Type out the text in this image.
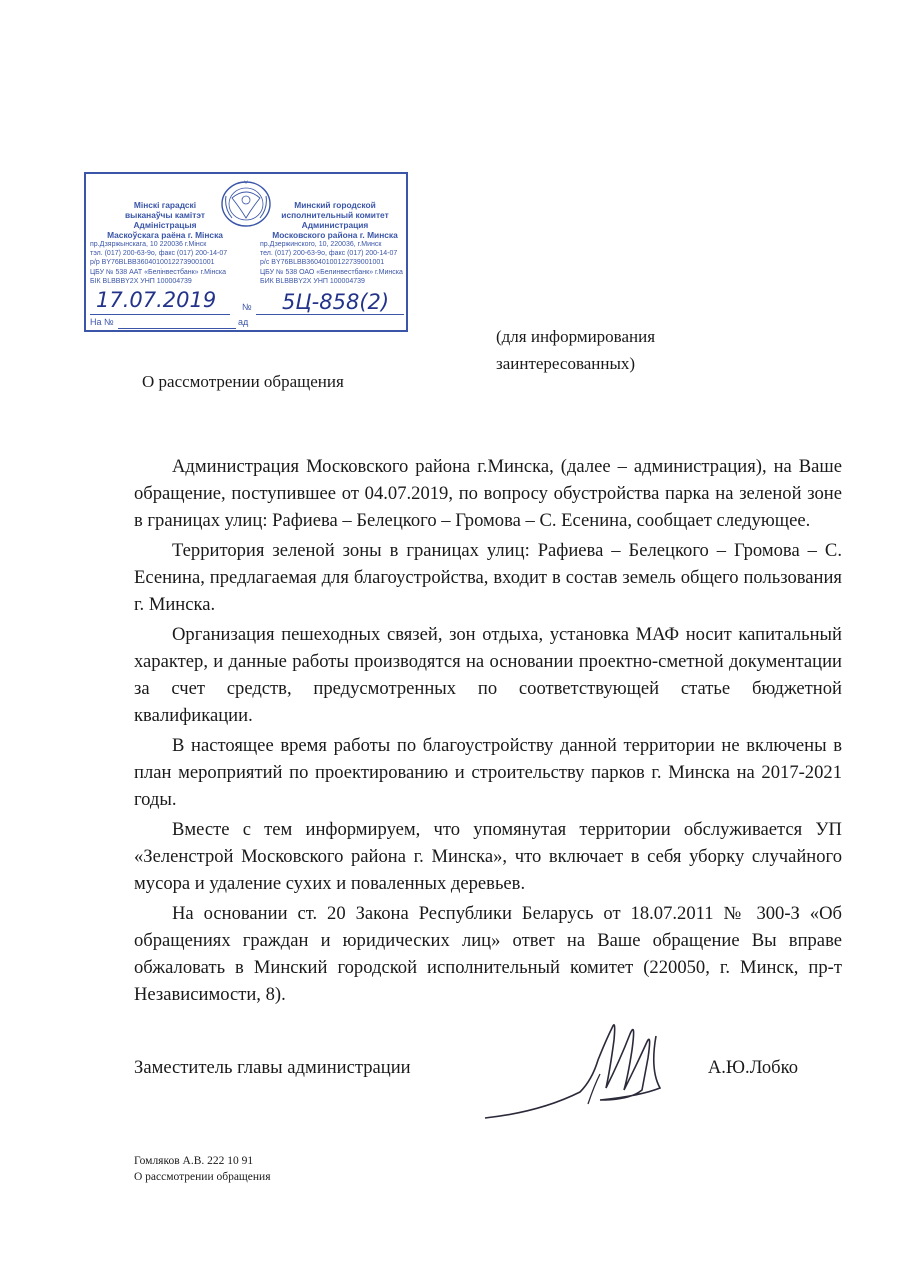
Мінскі гарадскі
выканаўчы камітэт
Адміністрацыя
Маскоўскага раёна г. Мінска
пр.Дзяржынскага, 10 220036 г.Мінск
тэл. (017) 200-63-9о, факс (017) 200-14-07
р/р BY76BLBB36040100122739001001
ЦБУ № 538 ААТ «Белінвестбанк» г.Мінска
БІК BLBBBY2X УНП 100004739
Минский городской
исполнительный комитет
Администрация
Московского района г. Минска
пр.Дзержинского, 10, 220036, г.Минск
тел. (017) 200-63-9о, факс (017) 200-14-07
р/с BY76BLBB36040100122739001001
ЦБУ № 538 ОАО «Белинвестбанк» г.Минска
БИК BLBBBY2X УНП 100004739
№
На №	ад
17.07.2019	5Ц-858(2)
(для информирования
заинтересованных)
О рассмотрении обращения

Администрация Московского района г.Минска, (далее – администрация), на Ваше обращение, поступившее от 04.07.2019, по вопросу обустройства парка на зеленой зоне в границах улиц: Рафиева – Белецкого – Громова – С. Есенина, сообщает следующее.

Территория зеленой зоны в границах улиц: Рафиева – Белецкого – Громова – С. Есенина, предлагаемая для благоустройства, входит в состав земель общего пользования г. Минска.

Организация пешеходных связей, зон отдыха, установка МАФ носит капитальный характер, и данные работы производятся на основании проектно-сметной документации за счет средств, предусмотренных по соответствующей статье бюджетной квалификации.

В настоящее время работы по благоустройству данной территории не включены в план мероприятий по проектированию и строительству парков г. Минска на 2017-2021 годы.

Вместе с тем информируем, что упомянутая территории обслуживается УП «Зеленстрой Московского района г. Минска», что включает в себя уборку случайного мусора и удаление сухих и поваленных деревьев.

На основании ст. 20 Закона Республики Беларусь от 18.07.2011 № 300-З «Об обращениях граждан и юридических лиц» ответ на Ваше обращение Вы вправе обжаловать в Минский городской исполнительный комитет (220050, г. Минск, пр-т Независимости, 8).

Заместитель главы администрации	А.Ю.Лобко
Гомляков А.В. 222 10 91
О рассмотрении обращения
